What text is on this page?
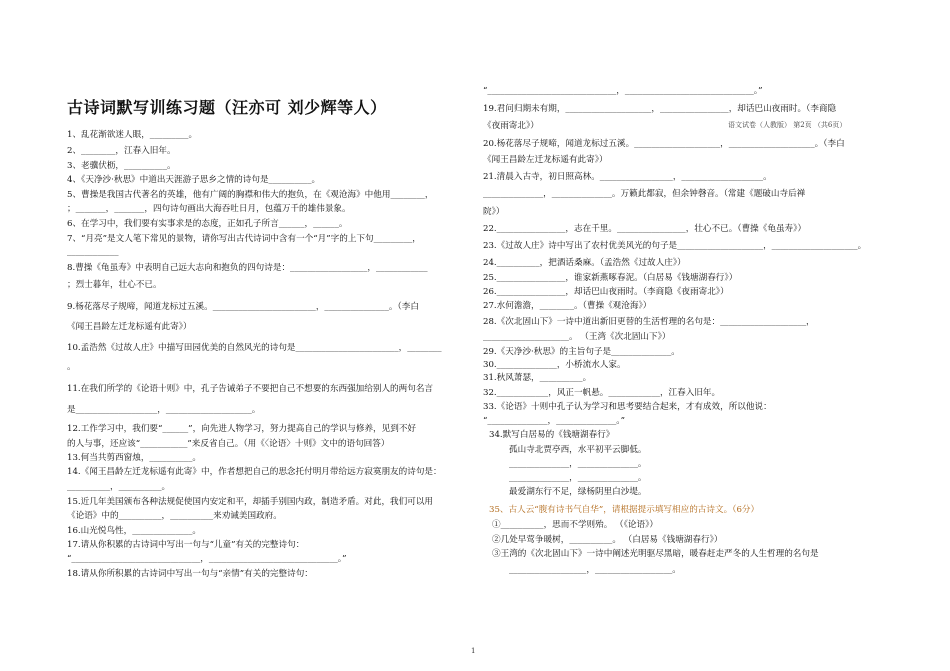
古诗词默写训练习题（汪亦可 刘少辉等人）
语文试卷（人教版） 第2页 （共6页）
1、乱花渐欲迷人眼，_________。
2、________，江春入旧年。
3、老骥伏枥，__________。
4、《天净沙·秋思》中道出天涯游子思乡之情的诗句是__________。
5、曹操是我国古代著名的英雄，他有广阔的胸襟和伟大的抱负，在《观沧海》中他用________，
；_______，_______，四句诗句画出大海吞吐日月，包蕴万千的雄伟景象。
6、在学习中，我们要有实事求是的态度，正如孔子所言______，______。
7、“月亮”是文人笔下常见的景物，请你写出古代诗词中含有一个“月”字的上下句_________，
____________
8.曹操《龟虽寿》中表明自己远大志向和抱负的四句诗是：__________________，____________
；烈士暮年，壮心不已。
9.杨花落尽子规啼，闻道龙标过五溪。________________________，_______________。（李白
《闻王昌龄左迁龙标遥有此寄》）
10.孟浩然《过故人庄》中描写田园优美的自然风光的诗句是________________________，________
。
11.在我们所学的《论语十则》中，孔子告诫弟子不要把自己不想要的东西强加给别人的两句名言
是___________________，____________________。
12.工作学习中，我们要“______”，向先进人物学习，努力提高自己的学识与修养，见到不好
的人与事，还应该“___________”来反省自己。（用《〈论语〉十则》文中的语句回答）
13.何当共剪西窗烛，__________。
14.《闻王昌龄左迁龙标遥有此寄》中，作者想把自己的思念托付明月带给远方寂寞朋友的诗句是：
__________，__________。
15.近几年美国颁布各种法规促使国内安定和平，却插手别国内政，制造矛盾。对此，我们可以用
《论语》中的__________，__________来劝诫美国政府。
16.山光悦鸟性，______________。
17.请从你积累的古诗词中写出一句与“儿童”有关的完整诗句：
“______________________________，______________________________。”
18.请从你所积累的古诗词中写出一句与“亲情”有关的完整诗句：
“______________________________，______________________________。”
19.君问归期未有期，____________________，________________，却话巴山夜雨时。（李商隐
《夜雨寄北》）
20.杨花落尽子规啼，闻道龙标过五溪。____________________，____________________。（李白
《闻王昌龄左迁龙标遥有此寄》）
21.清晨入古寺，初日照高林。_________________，___________________。
______________，______________。万籁此都寂，但余钟磬音。（常建《题破山寺后禅
院》）
22.________________，志在千里。________________，壮心不已。（曹操《龟虽寿》）
23.《过故人庄》诗中写出了农村优美风光的句子是____________________，____________________。
24.__________，把酒话桑麻。（孟浩然《过故人庄》）
25.________________，谁家新燕啄春泥。（白居易《钱塘湖春行》）
26.________________，却话巴山夜雨时。（李商隐《夜雨寄北》）
27.水何澹澹，________。（曹操《观沧海》）
28.《次北固山下》一诗中道出新旧更替的生活哲理的名句是：____________________，
____________________。 （王湾《次北固山下》）
29.《天净沙·秋思》的主旨句子是______________。
30.______________，小桥流水人家。
31.秋风萧瑟，__________。
32.____________，风正一帆悬。____________，江春入旧年。
33.《论语》十则中孔子认为学习和思考要结合起来，才有成效，所以他说：
“______________，______________。”
34.默写白居易的《钱塘湖春行》
孤山寺北贾亭西，水平初平云脚低。
______________，______________。
______________，______________。
最爱湖东行不足，绿杨阴里白沙堤。
35、古人云“腹有诗书气自华”，请根据提示填写相应的古诗文。（6分）
①__________，思而不学则殆。 （《论语》）
②几处早莺争暖树，__________。 （白居易《钱塘湖春行》）
③王湾的《次北固山下》一诗中阐述光明驱尽黑暗，暖春赶走严冬的人生哲理的名句是
__________________，__________________。
1
